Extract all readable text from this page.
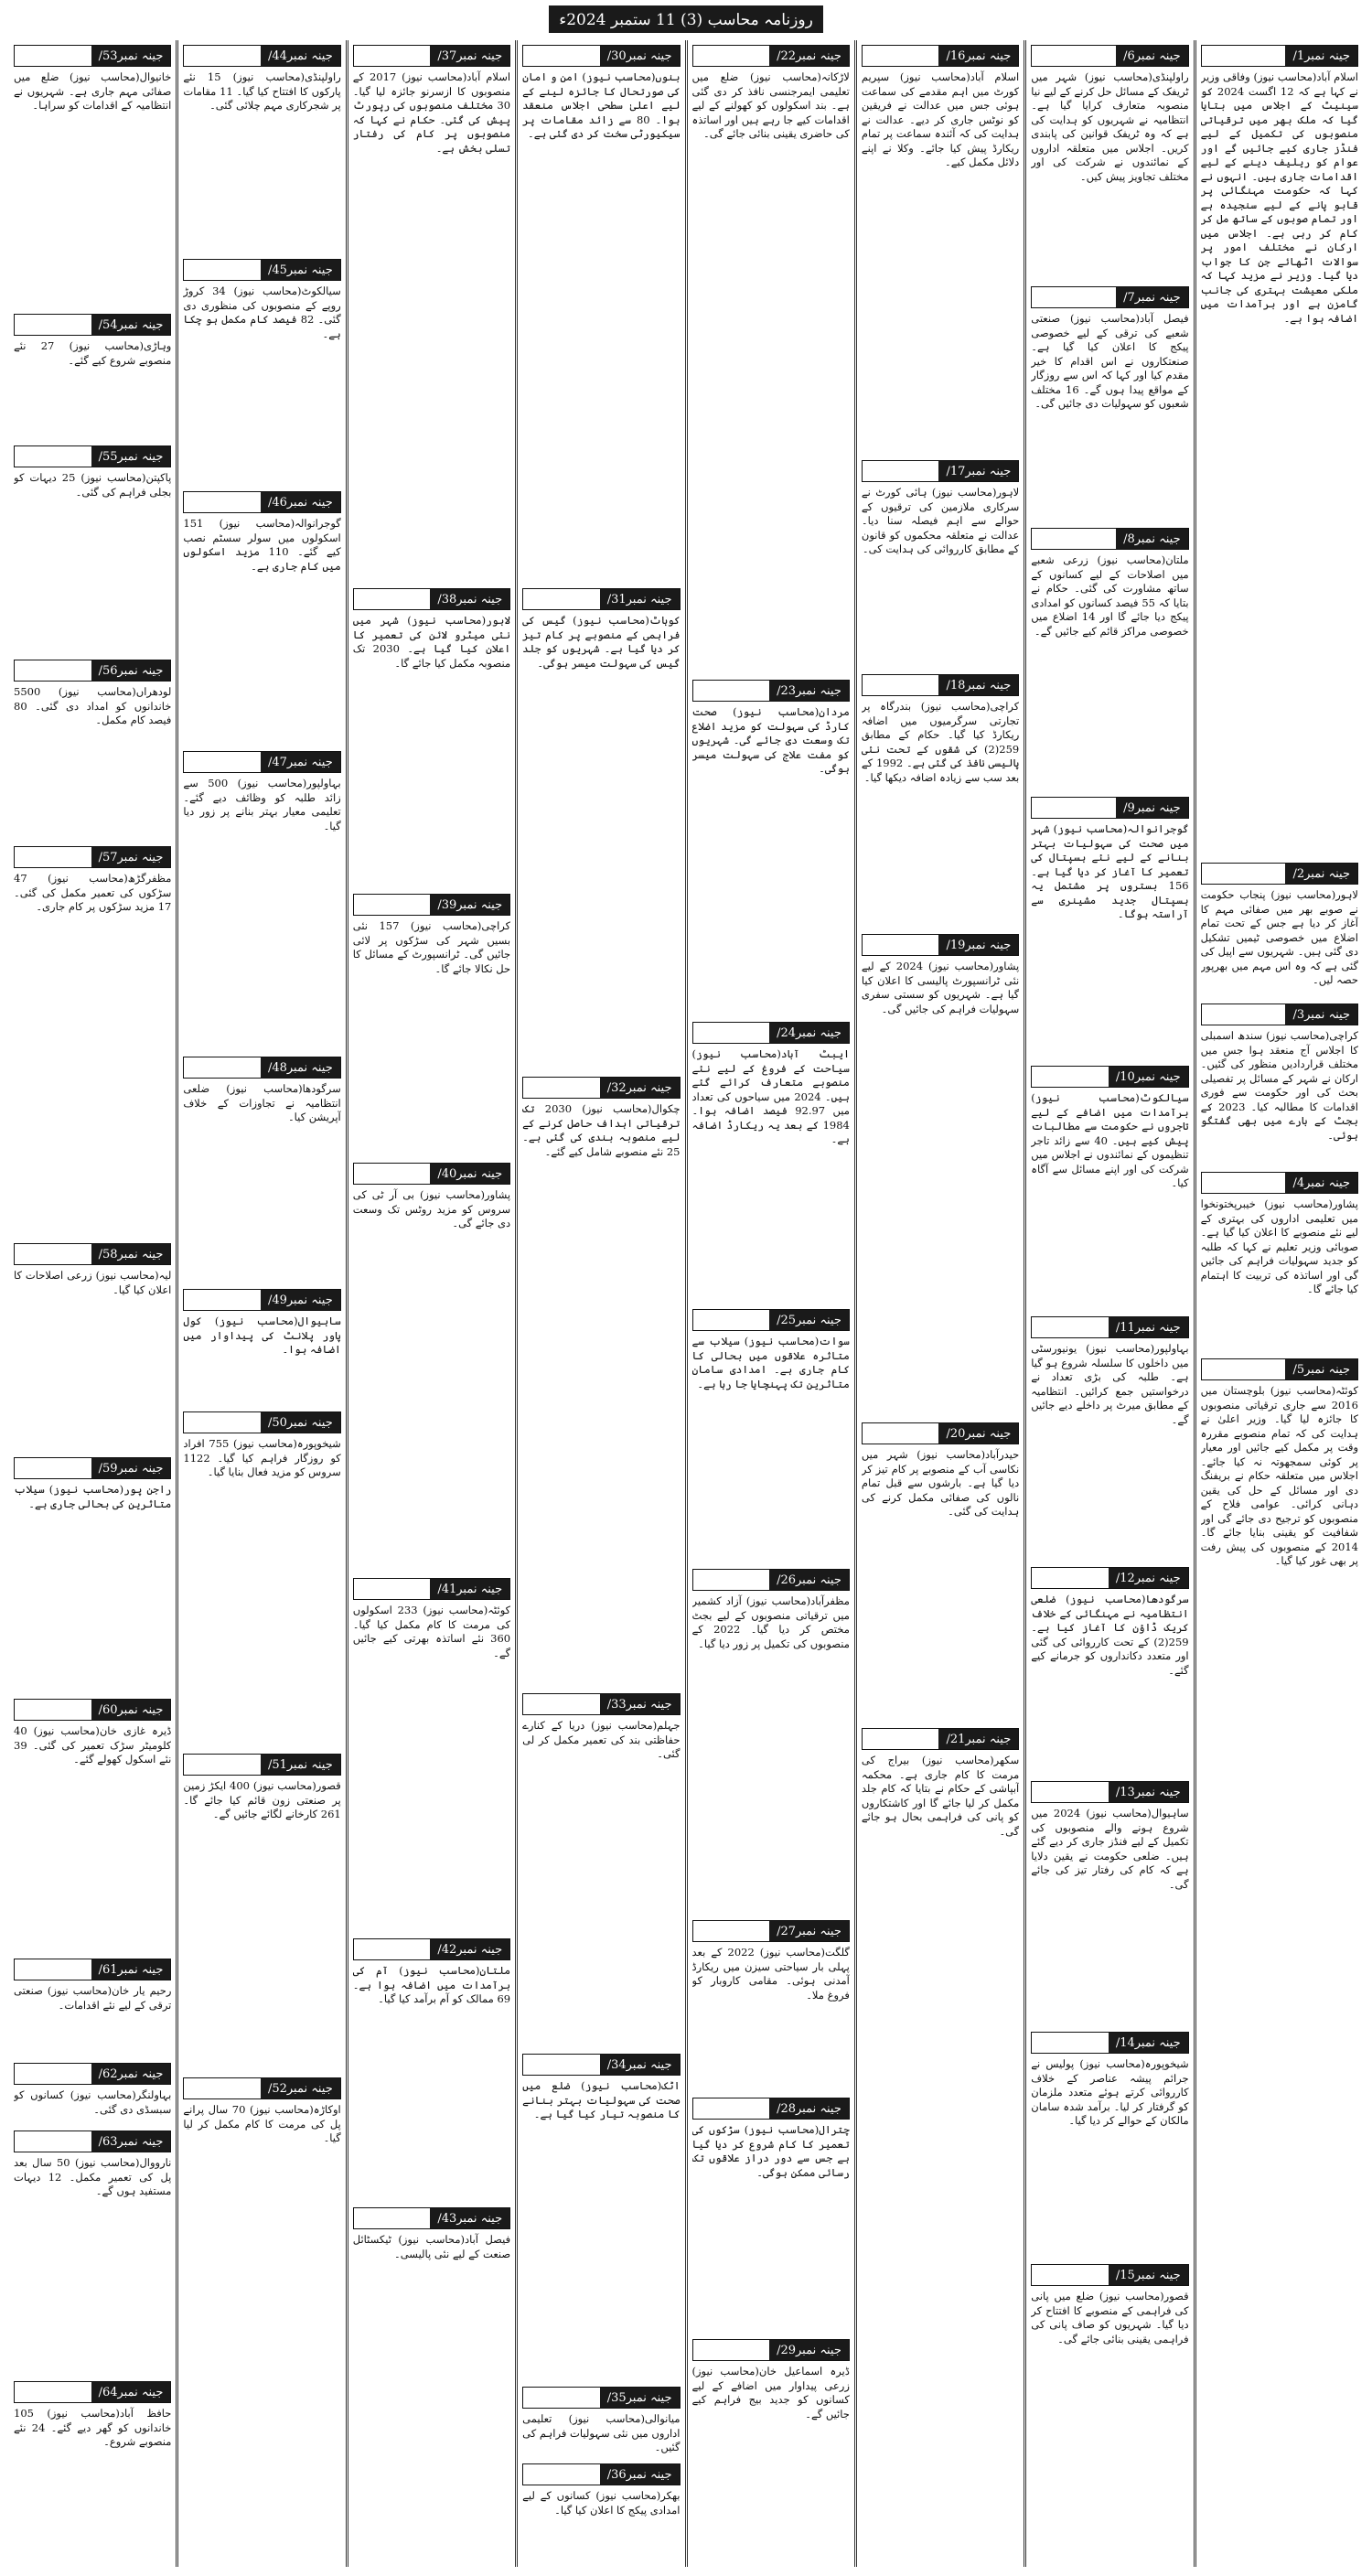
روزنامہ محاسب (3) 11 ستمبر 2024ء
جینہ نمبر1/
اسلام آباد(محاسب نیوز) وفاقی وزیر نے کہا ہے کہ 12 اگست 2024 کو سینیٹ کے اجلاس میں بتایا گیا کہ ملک بھر میں ترقیاتی منصوبوں کی تکمیل کے لیے فنڈز جاری کیے جائیں گے اور عوام کو ریلیف دینے کے لیے اقدامات جاری ہیں۔ انہوں نے کہا کہ حکومت مہنگائی پر قابو پانے کے لیے سنجیدہ ہے اور تمام صوبوں کے ساتھ مل کر کام کر رہی ہے۔ اجلاس میں ارکان نے مختلف امور پر سوالات اٹھائے جن کا جواب دیا گیا۔ وزیر نے مزید کہا کہ ملکی معیشت بہتری کی جانب گامزن ہے اور برآمدات میں اضافہ ہوا ہے۔
جینہ نمبر2/
لاہور(محاسب نیوز) پنجاب حکومت نے صوبے بھر میں صفائی مہم کا آغاز کر دیا ہے جس کے تحت تمام اضلاع میں خصوصی ٹیمیں تشکیل دی گئی ہیں۔ شہریوں سے اپیل کی گئی ہے کہ وہ اس مہم میں بھرپور حصہ لیں۔
جینہ نمبر3/
کراچی(محاسب نیوز) سندھ اسمبلی کا اجلاس آج منعقد ہوا جس میں مختلف قراردادیں منظور کی گئیں۔ ارکان نے شہر کے مسائل پر تفصیلی بحث کی اور حکومت سے فوری اقدامات کا مطالبہ کیا۔ 2023 کے بجٹ کے بارے میں بھی گفتگو ہوئی۔
جینہ نمبر4/
پشاور(محاسب نیوز) خیبرپختونخوا میں تعلیمی اداروں کی بہتری کے لیے نئے منصوبے کا اعلان کیا گیا ہے۔ صوبائی وزیر تعلیم نے کہا کہ طلبہ کو جدید سہولیات فراہم کی جائیں گی اور اساتذہ کی تربیت کا اہتمام کیا جائے گا۔
جینہ نمبر5/
کوئٹہ(محاسب نیوز) بلوچستان میں 2016 سے جاری ترقیاتی منصوبوں کا جائزہ لیا گیا۔ وزیر اعلیٰ نے ہدایت کی کہ تمام منصوبے مقررہ وقت پر مکمل کیے جائیں اور معیار پر کوئی سمجھوتہ نہ کیا جائے۔ اجلاس میں متعلقہ حکام نے بریفنگ دی اور مسائل کے حل کی یقین دہانی کرائی۔ عوامی فلاح کے منصوبوں کو ترجیح دی جائے گی اور شفافیت کو یقینی بنایا جائے گا۔ 2014 کے منصوبوں کی پیش رفت پر بھی غور کیا گیا۔
جینہ نمبر6/
راولپنڈی(محاسب نیوز) شہر میں ٹریفک کے مسائل حل کرنے کے لیے نیا منصوبہ متعارف کرایا گیا ہے۔ انتظامیہ نے شہریوں کو ہدایت کی ہے کہ وہ ٹریفک قوانین کی پابندی کریں۔ اجلاس میں متعلقہ اداروں کے نمائندوں نے شرکت کی اور مختلف تجاویز پیش کیں۔
جینہ نمبر7/
فیصل آباد(محاسب نیوز) صنعتی شعبے کی ترقی کے لیے خصوصی پیکج کا اعلان کیا گیا ہے۔ صنعتکاروں نے اس اقدام کا خیر مقدم کیا اور کہا کہ اس سے روزگار کے مواقع پیدا ہوں گے۔ 16 مختلف شعبوں کو سہولیات دی جائیں گی۔
جینہ نمبر8/
ملتان(محاسب نیوز) زرعی شعبے میں اصلاحات کے لیے کسانوں کے ساتھ مشاورت کی گئی۔ حکام نے بتایا کہ 55 فیصد کسانوں کو امدادی پیکج دیا جائے گا اور 14 اضلاع میں خصوصی مراکز قائم کیے جائیں گے۔
جینہ نمبر9/
گوجرانوالہ(محاسب نیوز) شہر میں صحت کی سہولیات بہتر بنانے کے لیے نئے ہسپتال کی تعمیر کا آغاز کر دیا گیا ہے۔ 156 بستروں پر مشتمل یہ ہسپتال جدید مشینری سے آراستہ ہوگا۔
جینہ نمبر10/
سیالکوٹ(محاسب نیوز) برآمدات میں اضافے کے لیے تاجروں نے حکومت سے مطالبات پیش کیے ہیں۔ 40 سے زائد تاجر تنظیموں کے نمائندوں نے اجلاس میں شرکت کی اور اپنے مسائل سے آگاہ کیا۔
جینہ نمبر11/
بہاولپور(محاسب نیوز) یونیورسٹی میں داخلوں کا سلسلہ شروع ہو گیا ہے۔ طلبہ کی بڑی تعداد نے درخواستیں جمع کرائیں۔ انتظامیہ کے مطابق میرٹ پر داخلے دیے جائیں گے۔
جینہ نمبر12/
سرگودھا(محاسب نیوز) ضلعی انتظامیہ نے مہنگائی کے خلاف کریک ڈاؤن کا آغاز کیا ہے۔ 259(2) کے تحت کارروائی کی گئی اور متعدد دکانداروں کو جرمانے کیے گئے۔
جینہ نمبر13/
ساہیوال(محاسب نیوز) 2024 میں شروع ہونے والے منصوبوں کی تکمیل کے لیے فنڈز جاری کر دیے گئے ہیں۔ ضلعی حکومت نے یقین دلایا ہے کہ کام کی رفتار تیز کی جائے گی۔
جینہ نمبر14/
شیخوپورہ(محاسب نیوز) پولیس نے جرائم پیشہ عناصر کے خلاف کارروائی کرتے ہوئے متعدد ملزمان کو گرفتار کر لیا۔ برآمد شدہ سامان مالکان کے حوالے کر دیا گیا۔
جینہ نمبر15/
قصور(محاسب نیوز) ضلع میں پانی کی فراہمی کے منصوبے کا افتتاح کر دیا گیا۔ شہریوں کو صاف پانی کی فراہمی یقینی بنائی جائے گی۔
جینہ نمبر16/
اسلام آباد(محاسب نیوز) سپریم کورٹ میں اہم مقدمے کی سماعت ہوئی جس میں عدالت نے فریقین کو نوٹس جاری کر دیے۔ عدالت نے ہدایت کی کہ آئندہ سماعت پر تمام ریکارڈ پیش کیا جائے۔ وکلا نے اپنے دلائل مکمل کیے۔
جینہ نمبر17/
لاہور(محاسب نیوز) ہائی کورٹ نے سرکاری ملازمین کی ترقیوں کے حوالے سے اہم فیصلہ سنا دیا۔ عدالت نے متعلقہ محکموں کو قانون کے مطابق کارروائی کی ہدایت کی۔
جینہ نمبر18/
کراچی(محاسب نیوز) بندرگاہ پر تجارتی سرگرمیوں میں اضافہ ریکارڈ کیا گیا۔ حکام کے مطابق 259(2) کی شقوں کے تحت نئی پالیسی نافذ کی گئی ہے۔ 1992 کے بعد سب سے زیادہ اضافہ دیکھا گیا۔
جینہ نمبر19/
پشاور(محاسب نیوز) 2024 کے لیے نئی ٹرانسپورٹ پالیسی کا اعلان کیا گیا ہے۔ شہریوں کو سستی سفری سہولیات فراہم کی جائیں گی۔
جینہ نمبر20/
حیدرآباد(محاسب نیوز) شہر میں نکاسی آب کے منصوبے پر کام تیز کر دیا گیا ہے۔ بارشوں سے قبل تمام نالوں کی صفائی مکمل کرنے کی ہدایت کی گئی۔
جینہ نمبر21/
سکھر(محاسب نیوز) بیراج کی مرمت کا کام جاری ہے۔ محکمہ آبپاشی کے حکام نے بتایا کہ کام جلد مکمل کر لیا جائے گا اور کاشتکاروں کو پانی کی فراہمی بحال ہو جائے گی۔
جینہ نمبر22/
لاڑکانہ(محاسب نیوز) ضلع میں تعلیمی ایمرجنسی نافذ کر دی گئی ہے۔ بند اسکولوں کو کھولنے کے لیے اقدامات کیے جا رہے ہیں اور اساتذہ کی حاضری یقینی بنائی جائے گی۔
جینہ نمبر23/
مردان(محاسب نیوز) صحت کارڈ کی سہولت کو مزید اضلاع تک وسعت دی جائے گی۔ شہریوں کو مفت علاج کی سہولت میسر ہوگی۔
جینہ نمبر24/
ایبٹ آباد(محاسب نیوز) سیاحت کے فروغ کے لیے نئے منصوبے متعارف کرائے گئے ہیں۔ 2024 میں سیاحوں کی تعداد میں 92.97 فیصد اضافہ ہوا۔ 1984 کے بعد یہ ریکارڈ اضافہ ہے۔
جینہ نمبر25/
سوات(محاسب نیوز) سیلاب سے متاثرہ علاقوں میں بحالی کا کام جاری ہے۔ امدادی سامان متاثرین تک پہنچایا جا رہا ہے۔
جینہ نمبر26/
مظفرآباد(محاسب نیوز) آزاد کشمیر میں ترقیاتی منصوبوں کے لیے بجٹ مختص کر دیا گیا۔ 2022 کے منصوبوں کی تکمیل پر زور دیا گیا۔
جینہ نمبر27/
گلگت(محاسب نیوز) 2022 کے بعد پہلی بار سیاحتی سیزن میں ریکارڈ آمدنی ہوئی۔ مقامی کاروبار کو فروغ ملا۔
جینہ نمبر28/
چترال(محاسب نیوز) سڑکوں کی تعمیر کا کام شروع کر دیا گیا ہے جس سے دور دراز علاقوں تک رسائی ممکن ہوگی۔
جینہ نمبر29/
ڈیرہ اسماعیل خان(محاسب نیوز) زرعی پیداوار میں اضافے کے لیے کسانوں کو جدید بیج فراہم کیے جائیں گے۔
جینہ نمبر30/
بنوں(محاسب نیوز) امن و امان کی صورتحال کا جائزہ لینے کے لیے اعلیٰ سطحی اجلاس منعقد ہوا۔ 80 سے زائد مقامات پر سیکیورٹی سخت کر دی گئی ہے۔
جینہ نمبر31/
کوہاٹ(محاسب نیوز) گیس کی فراہمی کے منصوبے پر کام تیز کر دیا گیا ہے۔ شہریوں کو جلد گیس کی سہولت میسر ہوگی۔
جینہ نمبر32/
چکوال(محاسب نیوز) 2030 تک ترقیاتی اہداف حاصل کرنے کے لیے منصوبہ بندی کی گئی ہے۔ 25 نئے منصوبے شامل کیے گئے۔
جینہ نمبر33/
جہلم(محاسب نیوز) دریا کے کنارے حفاظتی بند کی تعمیر مکمل کر لی گئی۔
جینہ نمبر34/
اٹک(محاسب نیوز) ضلع میں صحت کی سہولیات بہتر بنانے کا منصوبہ تیار کیا گیا ہے۔
جینہ نمبر35/
میانوالی(محاسب نیوز) تعلیمی اداروں میں نئی سہولیات فراہم کی گئیں۔
جینہ نمبر36/
بھکر(محاسب نیوز) کسانوں کے لیے امدادی پیکج کا اعلان کیا گیا۔
جینہ نمبر37/
اسلام آباد(محاسب نیوز) 2017 کے منصوبوں کا ازسرنو جائزہ لیا گیا۔ 30 مختلف منصوبوں کی رپورٹ پیش کی گئی۔ حکام نے کہا کہ منصوبوں پر کام کی رفتار تسلی بخش ہے۔
جینہ نمبر38/
لاہور(محاسب نیوز) شہر میں نئی میٹرو لائن کی تعمیر کا اعلان کیا گیا ہے۔ 2030 تک منصوبہ مکمل کیا جائے گا۔
جینہ نمبر39/
کراچی(محاسب نیوز) 157 نئی بسیں شہر کی سڑکوں پر لائی جائیں گی۔ ٹرانسپورٹ کے مسائل کا حل نکالا جائے گا۔
جینہ نمبر40/
پشاور(محاسب نیوز) بی آر ٹی کی سروس کو مزید روٹس تک وسعت دی جائے گی۔
جینہ نمبر41/
کوئٹہ(محاسب نیوز) 233 اسکولوں کی مرمت کا کام مکمل کیا گیا۔ 360 نئے اساتذہ بھرتی کیے جائیں گے۔
جینہ نمبر42/
ملتان(محاسب نیوز) آم کی برآمدات میں اضافہ ہوا ہے۔ 69 ممالک کو آم برآمد کیا گیا۔
جینہ نمبر43/
فیصل آباد(محاسب نیوز) ٹیکسٹائل صنعت کے لیے نئی پالیسی۔
جینہ نمبر44/
راولپنڈی(محاسب نیوز) 15 نئے پارکوں کا افتتاح کیا گیا۔ 11 مقامات پر شجرکاری مہم چلائی گئی۔
جینہ نمبر45/
سیالکوٹ(محاسب نیوز) 34 کروڑ روپے کے منصوبوں کی منظوری دی گئی۔ 82 فیصد کام مکمل ہو چکا ہے۔
جینہ نمبر46/
گوجرانوالہ(محاسب نیوز) 151 اسکولوں میں سولر سسٹم نصب کیے گئے۔ 110 مزید اسکولوں میں کام جاری ہے۔
جینہ نمبر47/
بہاولپور(محاسب نیوز) 500 سے زائد طلبہ کو وظائف دیے گئے۔ تعلیمی معیار بہتر بنانے پر زور دیا گیا۔
جینہ نمبر48/
سرگودھا(محاسب نیوز) ضلعی انتظامیہ نے تجاوزات کے خلاف آپریشن کیا۔
جینہ نمبر49/
ساہیوال(محاسب نیوز) کول پاور پلانٹ کی پیداوار میں اضافہ ہوا۔
جینہ نمبر50/
شیخوپورہ(محاسب نیوز) 755 افراد کو روزگار فراہم کیا گیا۔ 1122 سروس کو مزید فعال بنایا گیا۔
جینہ نمبر51/
قصور(محاسب نیوز) 400 ایکڑ زمین پر صنعتی زون قائم کیا جائے گا۔ 261 کارخانے لگائے جائیں گے۔
جینہ نمبر52/
اوکاڑہ(محاسب نیوز) 70 سال پرانے پل کی مرمت کا کام مکمل کر لیا گیا۔
جینہ نمبر53/
خانیوال(محاسب نیوز) ضلع میں صفائی مہم جاری ہے۔ شہریوں نے انتظامیہ کے اقدامات کو سراہا۔
جینہ نمبر54/
وہاڑی(محاسب نیوز) 27 نئے منصوبے شروع کیے گئے۔
جینہ نمبر55/
پاکپتن(محاسب نیوز) 25 دیہات کو بجلی فراہم کی گئی۔
جینہ نمبر56/
لودھراں(محاسب نیوز) 5500 خاندانوں کو امداد دی گئی۔ 80 فیصد کام مکمل۔
جینہ نمبر57/
مظفرگڑھ(محاسب نیوز) 47 سڑکوں کی تعمیر مکمل کی گئی۔ 17 مزید سڑکوں پر کام جاری۔
جینہ نمبر58/
لیہ(محاسب نیوز) زرعی اصلاحات کا اعلان کیا گیا۔
جینہ نمبر59/
راجن پور(محاسب نیوز) سیلاب متاثرین کی بحالی جاری ہے۔
جینہ نمبر60/
ڈیرہ غازی خان(محاسب نیوز) 40 کلومیٹر سڑک تعمیر کی گئی۔ 39 نئے اسکول کھولے گئے۔
جینہ نمبر61/
رحیم یار خان(محاسب نیوز) صنعتی ترقی کے لیے نئے اقدامات۔
جینہ نمبر62/
بہاولنگر(محاسب نیوز) کسانوں کو سبسڈی دی گئی۔
جینہ نمبر63/
نارووال(محاسب نیوز) 50 سال بعد پل کی تعمیر مکمل۔ 12 دیہات مستفید ہوں گے۔
جینہ نمبر64/
حافظ آباد(محاسب نیوز) 105 خاندانوں کو گھر دیے گئے۔ 24 نئے منصوبے شروع۔
